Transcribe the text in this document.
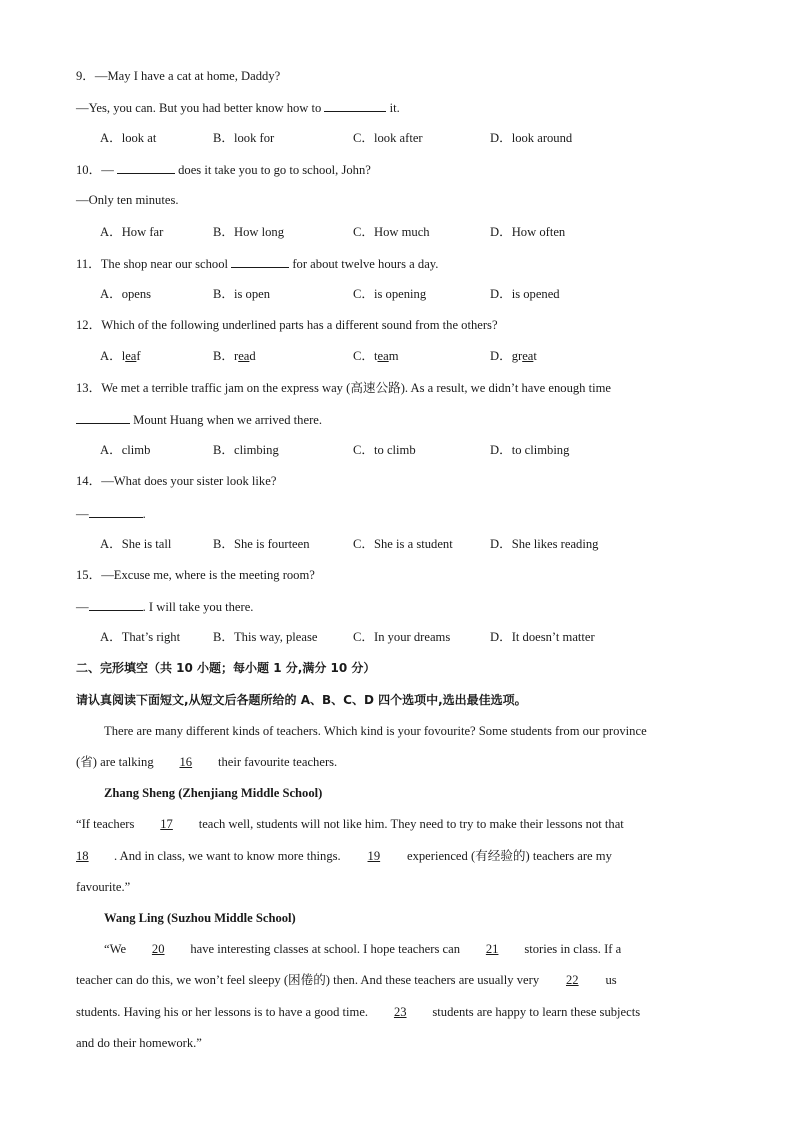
9．—May I have a cat at home, Daddy?
—Yes, you can. But you had better know how to	it.
A．look at	B．look for	C．look after	D．look around
10．—	does it take you to go to school, John?
—Only ten minutes.
A．How far	B．How long	C．How much	D．How often
11．The shop near our school	for about twelve hours a day.
A．opens	B．is open	C．is opening	D．is opened
12．Which of the following underlined parts has a different sound from the others?
A．leaf	B．read	C．team	D．great
13．We met a terrible traffic jam on the express way (高速公路). As a result, we didn’t have enough time
Mount Huang when we arrived there.
A．climb	B．climbing	C．to climb	D．to climbing
14．—What does your sister look like?
—	.
A．She is tall	B．She is fourteen	C．She is a student	D．She likes reading
15．—Excuse me, where is the meeting room?
—	. I will take you there.
A．That’s right	B．This way, please	C．In your dreams	D．It doesn’t matter
二、完形填空（共 10 小题；每小题 1 分,满分 10 分）
请认真阅读下面短文,从短文后各题所给的 A、B、C、D 四个选项中,选出最佳选项。
There are many different kinds of teachers. Which kind is your fovourite? Some students from our province
(省) are talking 16 their favourite teachers.
Zhang Sheng (Zhenjiang Middle School)
“If teachers 17 teach well, students will not like him. They need to try to make their lessons not that
18 . And in class, we want to know more things. 19 experienced (有经验的) teachers are my
favourite.”
Wang Ling (Suzhou Middle School)
“We 20 have interesting classes at school. I hope teachers can 21 stories in class. If a
teacher can do this, we won’t feel sleepy (困倦的) then. And these teachers are usually very 22 us
students. Having his or her lessons is to have a good time. 23 students are happy to learn these subjects
and do their homework.”
